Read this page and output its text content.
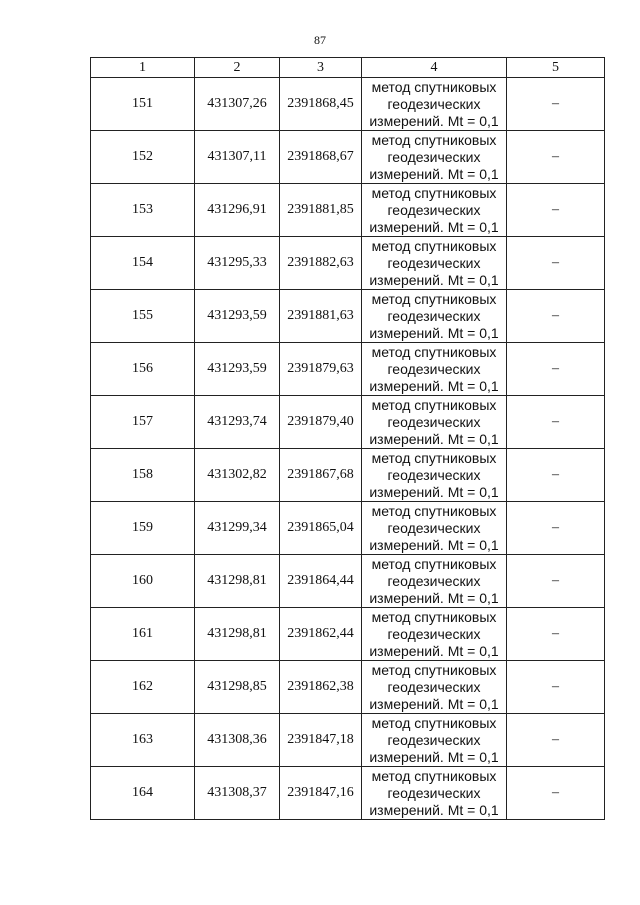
87
1	2	3	4	5
151	431307,26	2391868,45	метод спутниковых
геодезических
измерений. Mt = 0,1	–
152	431307,11	2391868,67	метод спутниковых
геодезических
измерений. Mt = 0,1	–
153	431296,91	2391881,85	метод спутниковых
геодезических
измерений. Mt = 0,1	–
154	431295,33	2391882,63	метод спутниковых
геодезических
измерений. Mt = 0,1	–
155	431293,59	2391881,63	метод спутниковых
геодезических
измерений. Mt = 0,1	–
156	431293,59	2391879,63	метод спутниковых
геодезических
измерений. Mt = 0,1	–
157	431293,74	2391879,40	метод спутниковых
геодезических
измерений. Mt = 0,1	–
158	431302,82	2391867,68	метод спутниковых
геодезических
измерений. Mt = 0,1	–
159	431299,34	2391865,04	метод спутниковых
геодезических
измерений. Mt = 0,1	–
160	431298,81	2391864,44	метод спутниковых
геодезических
измерений. Mt = 0,1	–
161	431298,81	2391862,44	метод спутниковых
геодезических
измерений. Mt = 0,1	–
162	431298,85	2391862,38	метод спутниковых
геодезических
измерений. Mt = 0,1	–
163	431308,36	2391847,18	метод спутниковых
геодезических
измерений. Mt = 0,1	–
164	431308,37	2391847,16	метод спутниковых
геодезических
измерений. Mt = 0,1	–
